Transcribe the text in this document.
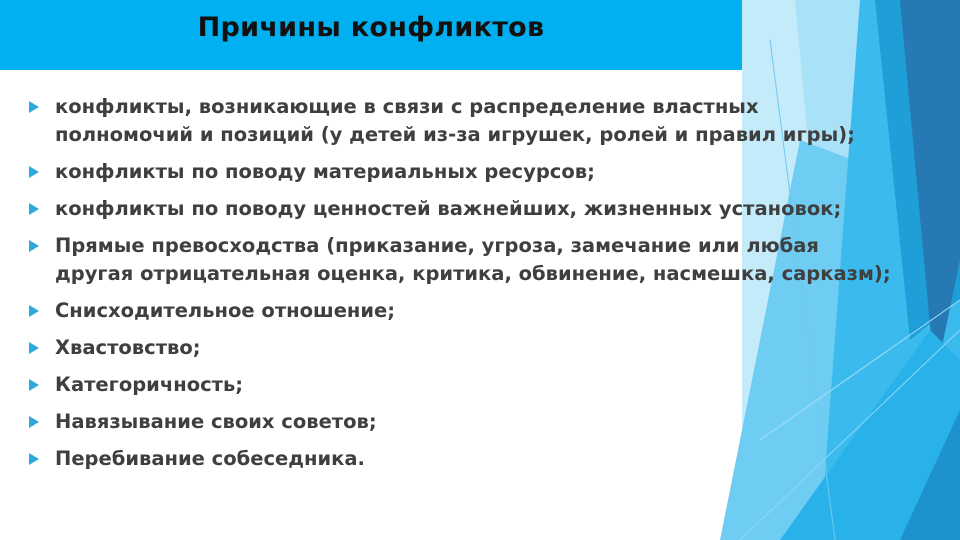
Причины конфликтов
конфликты, возникающие в связи с распределение властных полномочий и позиций (у детей из-за игрушек, ролей и правил игры);
конфликты по поводу материальных ресурсов;
конфликты по поводу ценностей важнейших, жизненных установок;
Прямые превосходства (приказание, угроза, замечание или любая другая отрицательная оценка, критика, обвинение, насмешка, сарказм);
Снисходительное отношение;
Хвастовство;
Категоричность;
Навязывание своих советов;
Перебивание собеседника.
